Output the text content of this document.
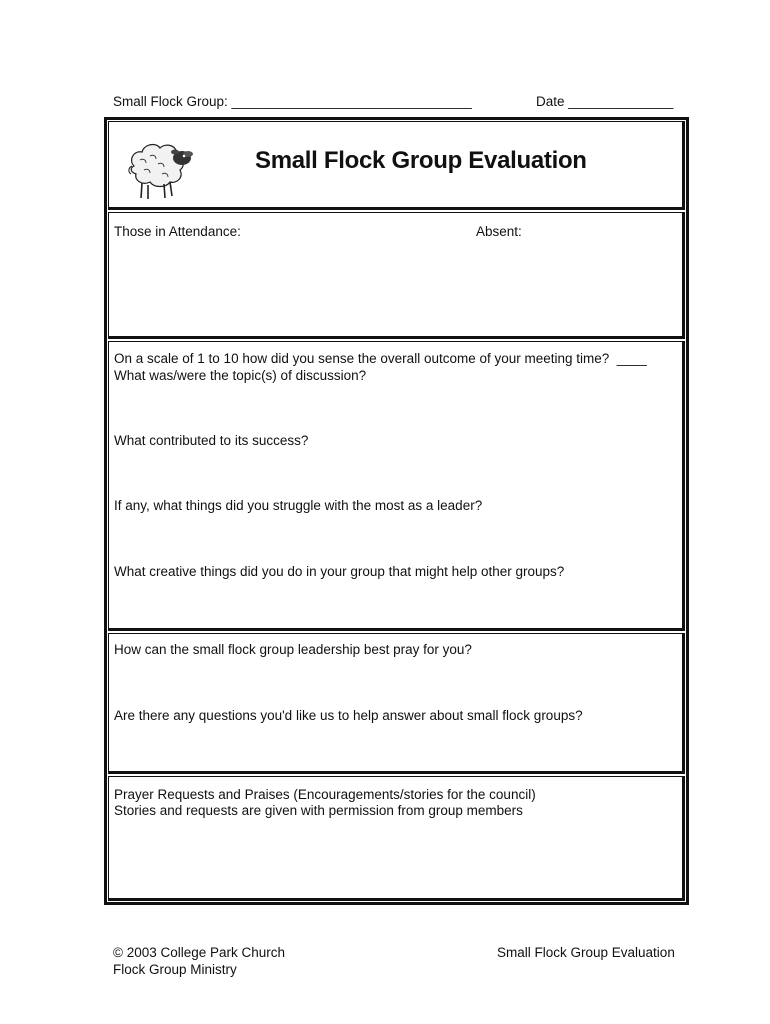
Small Flock Group: ________________________________	Date ______________
Small Flock Group Evaluation
Those in Attendance:	Absent:
On a scale of 1 to 10 how did you sense the overall outcome of your meeting time?  ____
What was/were the topic(s) of discussion?
What contributed to its success?
If any, what things did you struggle with the most as a leader?
What creative things did you do in your group that might help other groups?
How can the small flock group leadership best pray for you?
Are there any questions you'd like us to help answer about small flock groups?
Prayer Requests and Praises (Encouragements/stories for the council)
Stories and requests are given with permission from group members
© 2003 College Park Church
Flock Group Ministry
Small Flock Group Evaluation
